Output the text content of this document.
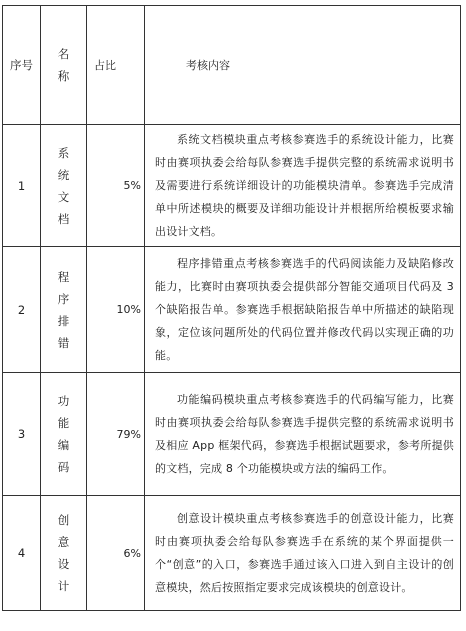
序号	名称	占比	考核内容
1	系统文档	5%	系统文档模块重点考核参赛选手的系统设计能力，比赛时由赛项执委会给每队参赛选手提供完整的系统需求说明书及需要进行系统详细设计的功能模块清单。参赛选手完成清单中所述模块的概要及详细功能设计并根据所给模板要求输出设计文档。

2	程序排错	10%	程序排错重点考核参赛选手的代码阅读能力及缺陷修改能力，比赛时由赛项执委会提供部分智能交通项目代码及 3 个缺陷报告单。参赛选手根据缺陷报告单中所描述的缺陷现象，定位该问题所处的代码位置并修改代码以实现正确的功能。

3	功能编码	79%	功能编码模块重点考核参赛选手的代码编写能力，比赛时由赛项执委会给每队参赛选手提供完整的系统需求说明书及相应 App 框架代码，参赛选手根据试题要求，参考所提供的文档，完成 8 个功能模块或方法的编码工作。

4	创意设计	6%	创意设计模块重点考核参赛选手的创意设计能力，比赛时由赛项执委会给每队参赛选手在系统的某个界面提供一个“创意”的入口，参赛选手通过该入口进入到自主设计的创意模块，然后按照指定要求完成该模块的创意设计。
